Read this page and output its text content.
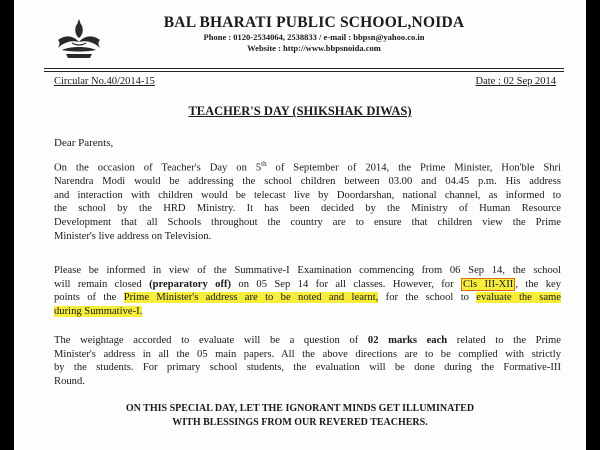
BAL BHARATI PUBLIC SCHOOL,NOIDA
Phone : 0120-2534064, 2538833 / e-mail : bbpsn@yahoo.co.in
Website : http://www.bbpsnoida.com
Circular No.40/2014-15	Date : 02 Sep 2014
TEACHER'S DAY (SHIKSHAK DIWAS)
Dear Parents,
On the occasion of Teacher's Day on 5th of September of 2014, the Prime Minister, Hon'ble Shri
Narendra Modi would be addressing the school children between 03.00 and 04.45 p.m. His address
and interaction with children would be telecast live by Doordarshan, national channel, as informed to
the school by the HRD Ministry. It has been decided by the Ministry of Human Resource
Development that all Schools throughout the country are to ensure that children view the Prime
Minister's live address on Television.
Please be informed in view of the Summative-I Examination commencing from 06 Sep 14, the school
will remain closed (preparatory off) on 05 Sep 14 for all classes. However, for Cls III-XII , the key
points of the Prime Minister's address are to be noted and learnt, for the school to evaluate the same
during Summative-I.
The weightage accorded to evaluate will be a question of 02 marks each related to the Prime
Minister's address in all the 05 main papers. All the above directions are to be complied with strictly
by the students. For primary school students, the evaluation will be done during the Formative-III
Round.
ON THIS SPECIAL DAY, LET THE IGNORANT MINDS GET ILLUMINATED
WITH BLESSINGS FROM OUR REVERED TEACHERS.
